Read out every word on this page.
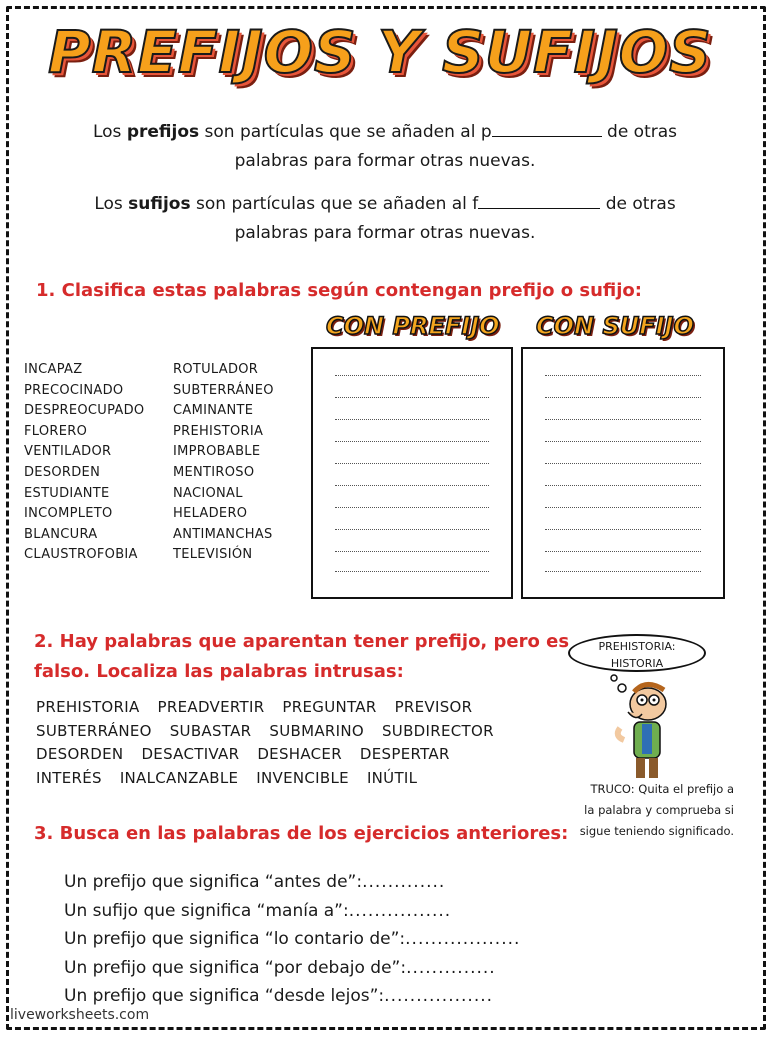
PREFIJOS Y SUFIJOS
Los prefijos son partículas que se añaden al p	de otras
palabras para formar otras nuevas.
Los sufijos son partículas que se añaden al f	de otras
palabras para formar otras nuevas.
1. Clasifica estas palabras según contengan prefijo o sufijo:
CON PREFIJO CON SUFIJO
INCAPAZ
PRECOCINADO
DESPREOCUPADO
FLORERO
VENTILADOR
DESORDEN
ESTUDIANTE
INCOMPLETO
BLANCURA
CLAUSTROFOBIA
ROTULADOR
SUBTERRÁNEO
CAMINANTE
PREHISTORIA
IMPROBABLE
MENTIROSO
NACIONAL
HELADERO
ANTIMANCHAS
TELEVISIÓN
2. Hay palabras que aparentan tener prefijo, pero es
falso. Localiza las palabras intrusas:
PREHISTORIA PREADVERTIR PREGUNTAR PREVISOR
SUBTERRÁNEO SUBASTAR SUBMARINO SUBDIRECTOR
DESORDEN DESACTIVAR DESHACER DESPERTAR
INTERÉS INALCANZABLE INVENCIBLE INÚTIL
PREHISTORIA:
HISTORIA
TRUCO: Quita el prefijo a
la palabra y comprueba si
sigue teniendo significado.
3. Busca en las palabras de los ejercicios anteriores:
Un prefijo que significa “antes de”:.............
Un sufijo que significa “manía a”:................
Un prefijo que significa “lo contario de”:..................
Un prefijo que significa “por debajo de”:..............
Un prefijo que significa “desde lejos”:.................
liveworksheets.com
